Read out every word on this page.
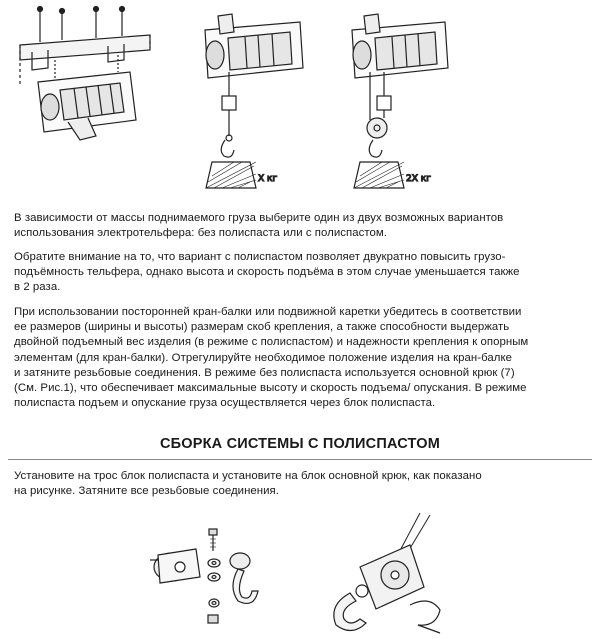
Х кг	2Х кг

В зависимости от массы поднимаемого груза выберите один из двух возможных вариантов
использования электротельфера: без полиспаста или с полиспастом.

Обратите внимание на то, что вариант с полиспастом позволяет двукратно повысить грузо-
подъёмность тельфера, однако высота и скорость подъёма в этом случае уменьшается также
в 2 раза.

При использовании посторонней кран-балки или подвижной каретки убедитесь в соответствии
ее размеров (ширины и высоты) размерам скоб крепления, а также способности выдержать
двойной подъемный вес изделия (в режиме с полиспастом) и надежности крепления к опорным
элементам (для кран-балки). Отрегулируйте необходимое положение изделия на кран-балке
и затяните резьбовые соединения. В режиме без полиспаста используется основной крюк (7)
(См. Рис.1), что обеспечивает максимальные высоту и скорость подъема/ опускания. В режиме
полиспаста подъем и опускание груза осуществляется через блок полиспаста.

СБОРКА СИСТЕМЫ С ПОЛИСПАСТОМ

Установите на трос блок полиспаста и установите на блок основной крюк, как показано
на рисунке. Затяните все резьбовые соединения.
